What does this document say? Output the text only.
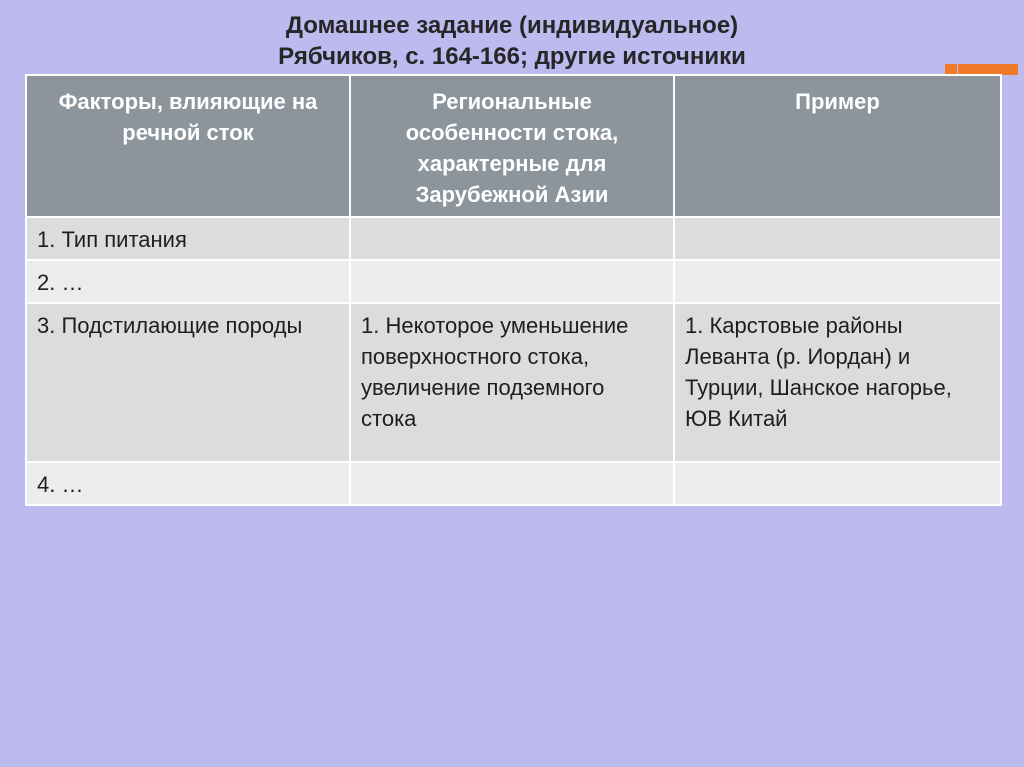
Домашнее задание (индивидуальное)
Рябчиков, с. 164-166; другие источники
Факторы, влияющие на речной сток	Региональные особенности стока, характерные для Зарубежной Азии	Пример
1. Тип питания		
2. …		
3. Подстилающие породы	1. Некоторое уменьшение поверхностного стока, увеличение подземного стока	1. Карстовые районы Леванта (р. Иордан) и Турции, Шанское нагорье, ЮВ Китай
4. …		
